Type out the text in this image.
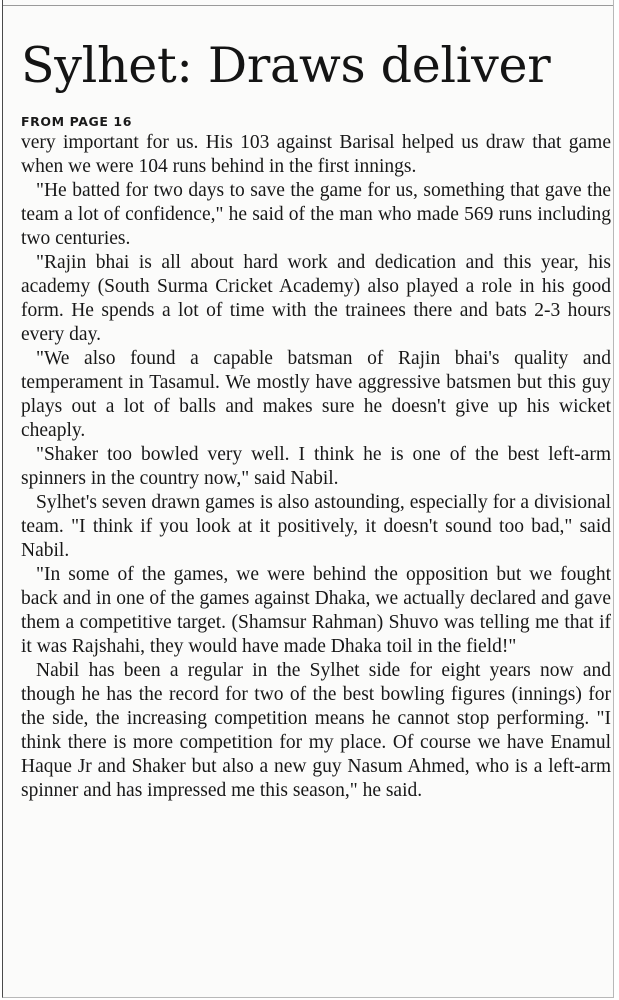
Sylhet: Draws deliver
FROM PAGE 16

very important for us. His 103 against Barisal helped us draw that game when we were 104 runs behind in the first innings.

"He batted for two days to save the game for us, something that gave the team a lot of confidence," he said of the man who made 569 runs including two centuries.

"Rajin bhai is all about hard work and dedication and this year, his academy (South Surma Cricket Academy) also played a role in his good form. He spends a lot of time with the trainees there and bats 2-3 hours every day.

"We also found a capable batsman of Rajin bhai's quality and temperament in Tasamul. We mostly have aggressive batsmen but this guy plays out a lot of balls and makes sure he doesn't give up his wicket cheaply.

"Shaker too bowled very well. I think he is one of the best left-arm spinners in the country now," said Nabil.

Sylhet's seven drawn games is also astounding, especially for a divisional team. "I think if you look at it positively, it doesn't sound too bad," said Nabil.

"In some of the games, we were behind the opposition but we fought back and in one of the games against Dhaka, we actually declared and gave them a competitive target. (Shamsur Rahman) Shuvo was telling me that if it was Rajshahi, they would have made Dhaka toil in the field!"

Nabil has been a regular in the Sylhet side for eight years now and though he has the record for two of the best bowling figures (innings) for the side, the increasing competition means he cannot stop performing. "I think there is more competition for my place. Of course we have Enamul Haque Jr and Shaker but also a new guy Nasum Ahmed, who is a left-arm spinner and has impressed me this season," he said.
